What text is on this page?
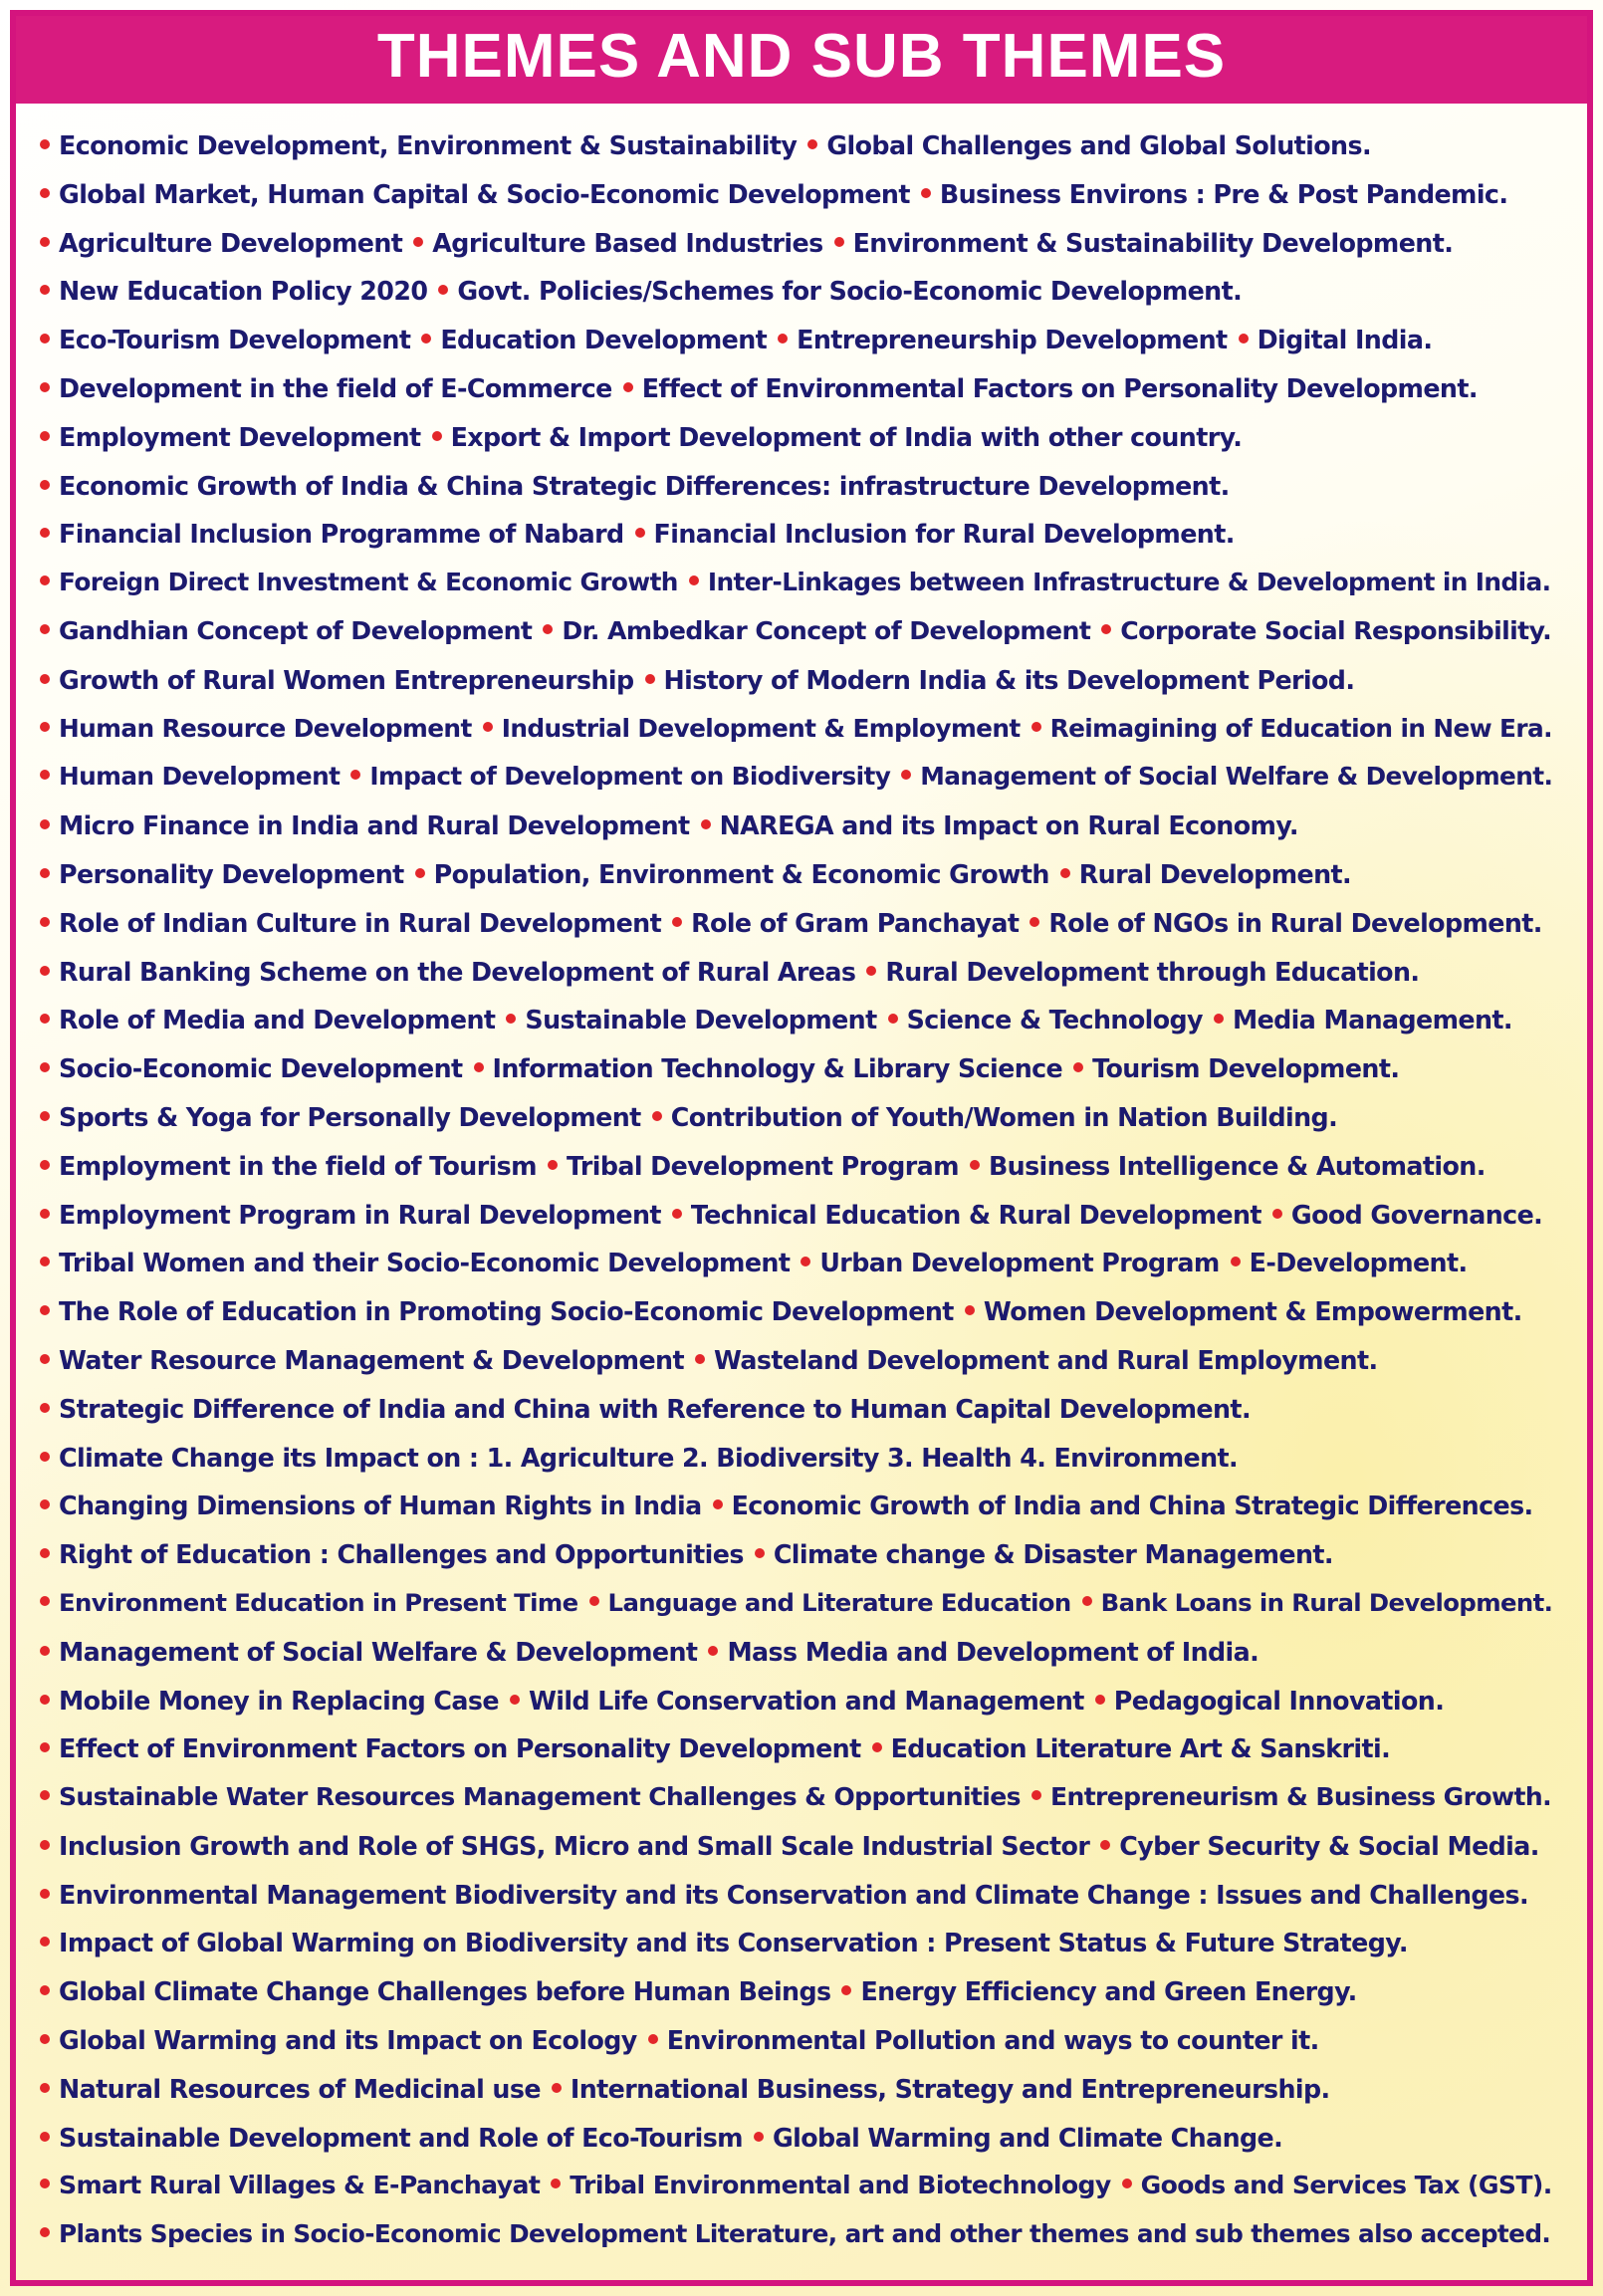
THEMES AND SUB THEMES
Economic Development, Environment & Sustainability Global Challenges and Global Solutions.
Global Market, Human Capital & Socio-Economic Development Business Environs : Pre & Post Pandemic.
Agriculture Development Agriculture Based Industries Environment & Sustainability Development.
New Education Policy 2020 Govt. Policies/Schemes for Socio-Economic Development.
Eco-Tourism Development Education Development Entrepreneurship Development Digital India.
Development in the field of E-Commerce Effect of Environmental Factors on Personality Development.
Employment Development Export & Import Development of India with other country.
Economic Growth of India & China Strategic Differences: infrastructure Development.
Financial Inclusion Programme of Nabard Financial Inclusion for Rural Development.
Foreign Direct Investment & Economic Growth Inter-Linkages between Infrastructure & Development in India.
Gandhian Concept of Development Dr. Ambedkar Concept of Development Corporate Social Responsibility.
Growth of Rural Women Entrepreneurship History of Modern India & its Development Period.
Human Resource Development Industrial Development & Employment Reimagining of Education in New Era.
Human Development Impact of Development on Biodiversity Management of Social Welfare & Development.
Micro Finance in India and Rural Development NAREGA and its Impact on Rural Economy.
Personality Development Population, Environment & Economic Growth Rural Development.
Role of Indian Culture in Rural Development Role of Gram Panchayat Role of NGOs in Rural Development.
Rural Banking Scheme on the Development of Rural Areas Rural Development through Education.
Role of Media and Development Sustainable Development Science & Technology Media Management.
Socio-Economic Development Information Technology & Library Science Tourism Development.
Sports & Yoga for Personally Development Contribution of Youth/Women in Nation Building.
Employment in the field of Tourism Tribal Development Program Business Intelligence & Automation.
Employment Program in Rural Development Technical Education & Rural Development Good Governance.
Tribal Women and their Socio-Economic Development Urban Development Program E-Development.
The Role of Education in Promoting Socio-Economic Development Women Development & Empowerment.
Water Resource Management & Development Wasteland Development and Rural Employment.
Strategic Difference of India and China with Reference to Human Capital Development.
Climate Change its Impact on : 1. Agriculture 2. Biodiversity 3. Health 4. Environment.
Changing Dimensions of Human Rights in India Economic Growth of India and China Strategic Differences.
Right of Education : Challenges and Opportunities Climate change & Disaster Management.
Environment Education in Present Time Language and Literature Education Bank Loans in Rural Development.
Management of Social Welfare & Development Mass Media and Development of India.
Mobile Money in Replacing Case Wild Life Conservation and Management Pedagogical Innovation.
Effect of Environment Factors on Personality Development Education Literature Art & Sanskriti.
Sustainable Water Resources Management Challenges & Opportunities Entrepreneurism & Business Growth.
Inclusion Growth and Role of SHGS, Micro and Small Scale Industrial Sector Cyber Security & Social Media.
Environmental Management Biodiversity and its Conservation and Climate Change : Issues and Challenges.
Impact of Global Warming on Biodiversity and its Conservation : Present Status & Future Strategy.
Global Climate Change Challenges before Human Beings Energy Efficiency and Green Energy.
Global Warming and its Impact on Ecology Environmental Pollution and ways to counter it.
Natural Resources of Medicinal use International Business, Strategy and Entrepreneurship.
Sustainable Development and Role of Eco-Tourism Global Warming and Climate Change.
Smart Rural Villages & E-Panchayat Tribal Environmental and Biotechnology Goods and Services Tax (GST).
Plants Species in Socio-Economic Development Literature, art and other themes and sub themes also accepted.
